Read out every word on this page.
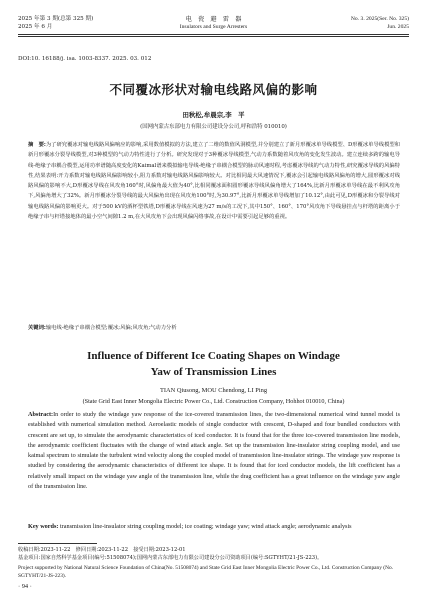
2025 年第 3 期(总第 325 期)
2025 年 6 月
电　瓷　避　雷　器
Insulators and Surge Arresters
No. 3. 2025(Ser. No. 325)
Jun. 2025
DOI:10. 16188/j. isa. 1003-8337. 2025. 03. 012
不同覆冰形状对输电线路风偏的影响
田秋松,牟晨宗,李　平
(国网内蒙古东部电力有限公司建设分公司,呼和浩特 010010)
摘　要:为了研究覆冰对输电线路风偏响应的影响,采用数值模拟的方法,建立了二维的数值风洞模型,并分别建立了新月形覆冰单导线模型、D形覆冰单导线模型和新月形覆冰分裂导线模型,对3种模型的气动力特性进行了分析。研究发现对于3种覆冰导线模型,气动力系数随着风攻角的变化发生波动。建立连续多跨的输电导线-绝缘子串耦合模型,运用功率谱随高度变化的Kaimal谱来模拟输电导线-绝缘子串耦合模型的脉动风速时程,考虑覆冰导线的气动力特性,研究覆冰导线的风偏特性,结果表明:开力系数对输电线路风偏影响较小,阻力系数对输电线路风偏影响较大。对比相同最大风速情况下,覆冰会引起输电线路风偏角的增大,圆形覆冰对线路风偏的影响不大,D形覆冰导线在风攻角160°时,风偏角最大值为40°,比相同覆冰面积圆形覆冰导线风偏角增大了164%,比新月形覆冰单导线在最不利风攻角下,风偏角增大了32%。新月形覆冰分裂导线的最大风偏角出现在风攻角100°时,为30.97°,比新月形覆冰单导线增加了10.12°,由此可见,D形覆冰和分裂导线对输电线路风偏的影响更大。对于500 kV的酒杯型铁塔,D形覆冰导线在风速为27 m/s的工况下,其中150°、160°、170°风攻角下导线悬挂点与杆塔的距离小于绝缘子串与杆塔接地体的最小空气间隙1.2 m,在大风攻角下会出现风偏闪络事故,在设计中需要引起足够的重视。
关键词:输电线-绝缘子串耦合模型;覆冰;风偏;风攻角;气动力分析
Influence of Different Ice Coating Shapes on Windage
Yaw of Transmission Lines
TIAN Qiusong, MOU Chendong, LI Ping
(State Grid East Inner Mongolia Electric Power Co., Ltd. Construction Company, Hohhot 010010, China)
Abstract:In order to study the windage yaw response of the ice-covered transmission lines, the two-dimensional numerical wind tunnel model is established with numerical simulation method. Aeroelastic models of single conductor with crescent, D-shaped and four bundled conductors with crescent are set up, to simulate the aerodynamic characteristics of iced conductor. It is found that for the three ice-covered transmission line models, the aerodynamic coefficient fluctuates with the change of wind attack angle. Set up the transmission line-insulator string coupling model, and use kaimal spectrum to simulate the turbulent wind velocity along the coupled model of transmission line-insulator strings. The windage yaw response is studied by considering the aerodynamic characteristics of different ice shape. It is found that for iced conductor models, the lift coefficient has a relatively small impact on the windage yaw angle of the transmission line, while the drag coefficient has a great influence on the windage yaw angle of the transmission line.
Key words: transmission line-insulator string coupling model; ice coating; windage yaw; wind attack angle; aerodynamic analysis
收稿日期:2023-11-22　修回日期:2023-11-22　接受日期:2023-12-01
基金项目:国家自然科学基金项目(编号:51508074);国网内蒙古东部电力有限公司建设分公司资助项目(编号:SGTYHT/21-JS-223)。
Project supported by National Natural Science Foundation of China(No. 51508074) and State Grid East Inner Mongolia Electric Power Co., Ltd. Construction Company (No. SGTYHT/21-JS-223).
· 94 ·
